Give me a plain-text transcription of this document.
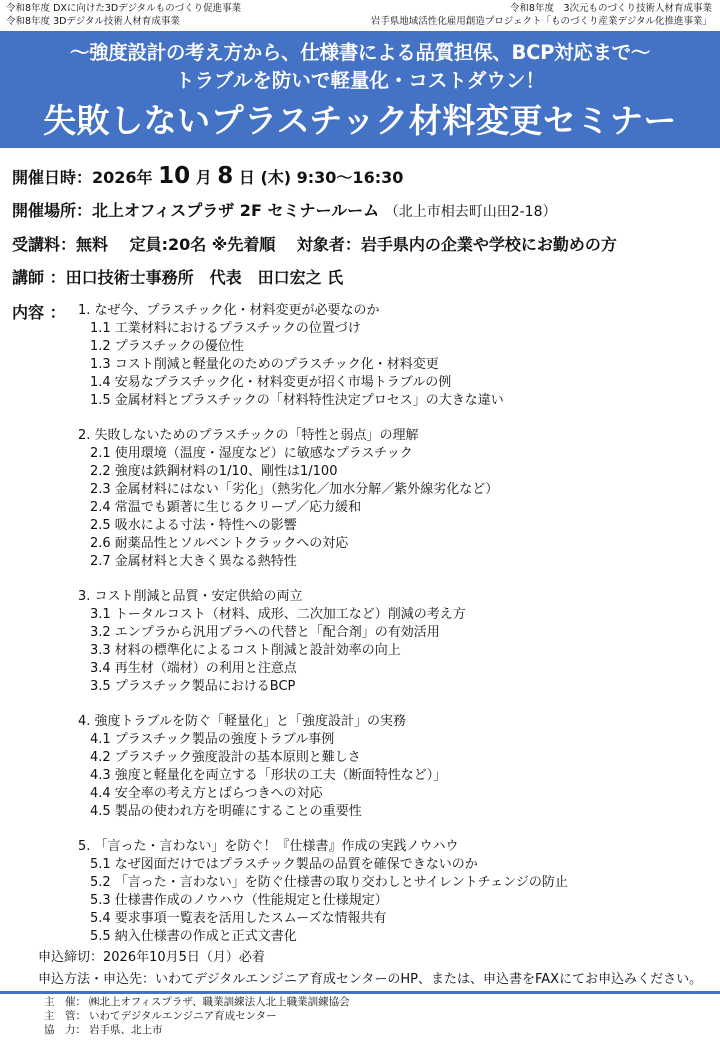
令和8年度 DXに向けた3Dデジタルものづくり促進事業
令和8年度 3Dデジタル技術人材育成事業
令和8年度　3次元ものづくり技術人材育成事業
岩手県地域活性化雇用創造プロジェクト「ものづくり産業デジタル化推進事業」
〜強度設計の考え方から、仕様書による品質担保、BCP対応まで〜
トラブルを防いで軽量化・コストダウン！
失敗しないプラスチック材料変更セミナー
開催日時：2026年 10 月 8 日 (木) 9:30〜16:30
開催場所：北上オフィスプラザ 2F セミナールーム （北上市相去町山田2-18）
受講料：無料　 定員:20名 ※先着順　 対象者：岩手県内の企業や学校にお勤めの方
講師 ：田口技術士事務所　代表　田口宏之 氏
内容 ： 1. なぜ今、プラスチック化・材料変更が必要なのか
1.1 工業材料におけるプラスチックの位置づけ
1.2 プラスチックの優位性
1.3 コスト削減と軽量化のためのプラスチック化・材料変更
1.4 安易なプラスチック化・材料変更が招く市場トラブルの例
1.5 金属材料とプラスチックの「材料特性決定プロセス」の大きな違い
2. 失敗しないためのプラスチックの「特性と弱点」の理解
2.1 使用環境（温度・湿度など）に敏感なプラスチック
2.2 強度は鉄鋼材料の1/10、剛性は1/100
2.3 金属材料にはない「劣化」（熱劣化／加水分解／紫外線劣化など）
2.4 常温でも顕著に生じるクリープ／応力緩和
2.5 吸水による寸法・特性への影響
2.6 耐薬品性とソルベントクラックへの対応
2.7 金属材料と大きく異なる熱特性
3. コスト削減と品質・安定供給の両立
3.1 トータルコスト（材料、成形、二次加工など）削減の考え方
3.2 エンプラから汎用プラへの代替と「配合剤」の有効活用
3.3 材料の標準化によるコスト削減と設計効率の向上
3.4 再生材（端材）の利用と注意点
3.5 プラスチック製品におけるBCP
4. 強度トラブルを防ぐ「軽量化」と「強度設計」の実務
4.1 プラスチック製品の強度トラブル事例
4.2 プラスチック強度設計の基本原則と難しさ
4.3 強度と軽量化を両立する「形状の工夫（断面特性など）」
4.4 安全率の考え方とばらつきへの対応
4.5 製品の使われ方を明確にすることの重要性
5. 「言った・言わない」を防ぐ！『仕様書』作成の実践ノウハウ
5.1 なぜ図面だけではプラスチック製品の品質を確保できないのか
5.2 「言った・言わない」を防ぐ仕様書の取り交わしとサイレントチェンジの防止
5.3 仕様書作成のノウハウ（性能規定と仕様規定）
5.4 要求事項一覧表を活用したスムーズな情報共有
5.5 納入仕様書の作成と正式文書化
申込締切：2026年10月5日（月）必着
申込方法・申込先：いわてデジタルエンジニア育成センターのHP、または、申込書をFAXにてお申込みください。
主　催： ㈱北上オフィスプラザ、職業訓練法人北上職業訓練協会
主　管： いわてデジタルエンジニア育成センター
協　力： 岩手県、北上市
